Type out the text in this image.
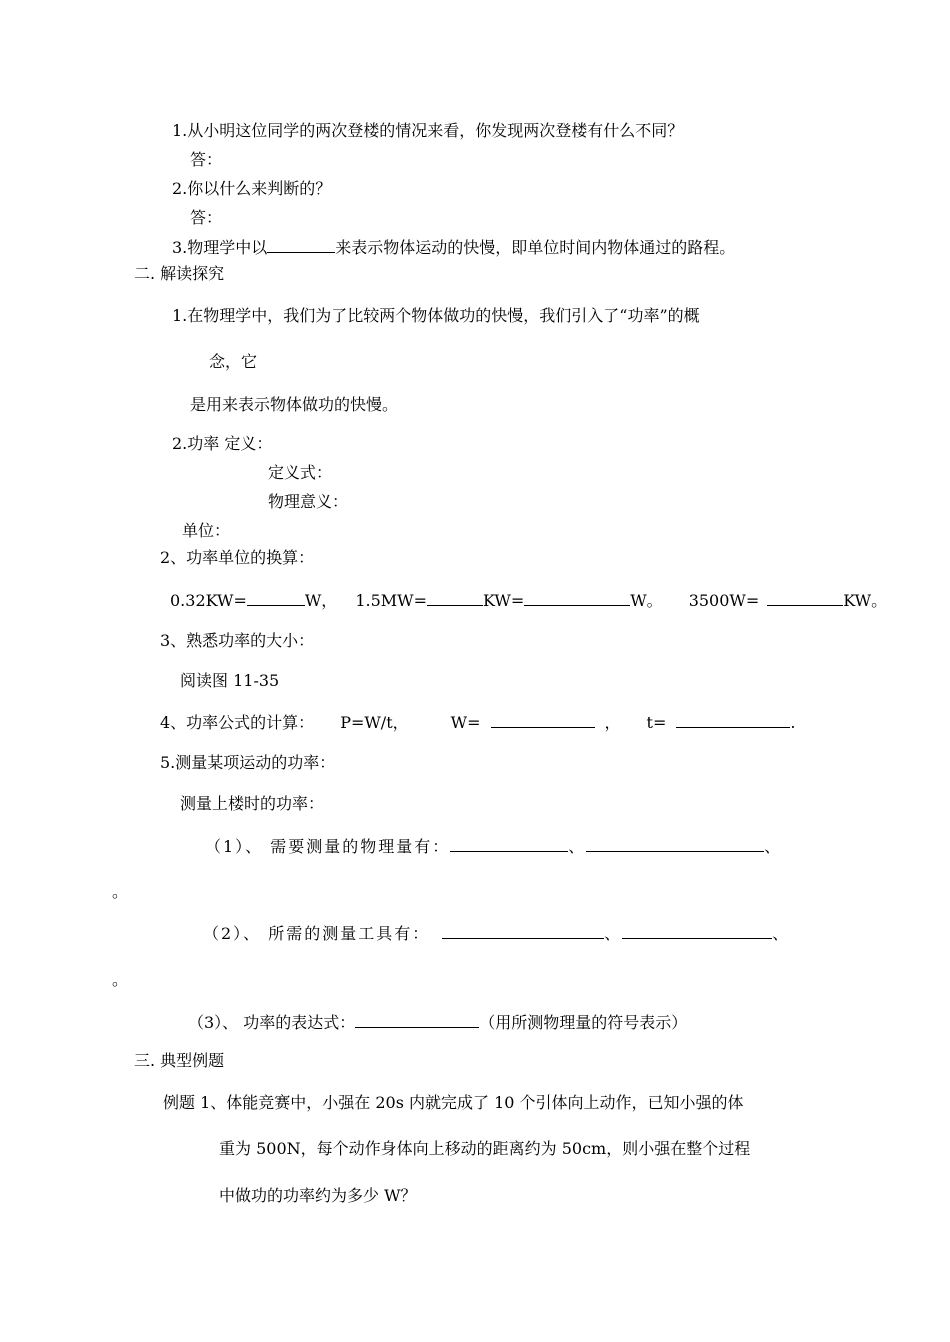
1.从小明这位同学的两次登楼的情况来看，你发现两次登楼有什么不同？
答：
2.你以什么来判断的？
答：
3.物理学中以	来表示物体运动的快慢，即单位时间内物体通过的路程。
二. 解读探究
1.在物理学中，我们为了比较两个物体做功的快慢，我们引入了“功率”的概
念，它
是用来表示物体做功的快慢。
2.功率 定义：
定义式：
物理意义：
单位：
2、功率单位的换算：
0.32KW=	W， 1.5MW=	KW=	W。 3500W=	KW。
3、熟悉功率的大小：
阅读图 11-35
4、功率公式的计算： P=W/t，	W=	， t=	.
5.测量某项运动的功率：
测量上楼时的功率：
（1）、 需要测量的物理量有：	、	、
。
（2）、 所需的测量工具有：	、	、
。
（3）、 功率的表达式：	（用所测物理量的符号表示）
三. 典型例题
例题 1、体能竞赛中，小强在 20s 内就完成了 10 个引体向上动作，已知小强的体
重为 500N，每个动作身体向上移动的距离约为 50cm，则小强在整个过程
中做功的功率约为多少 W？
